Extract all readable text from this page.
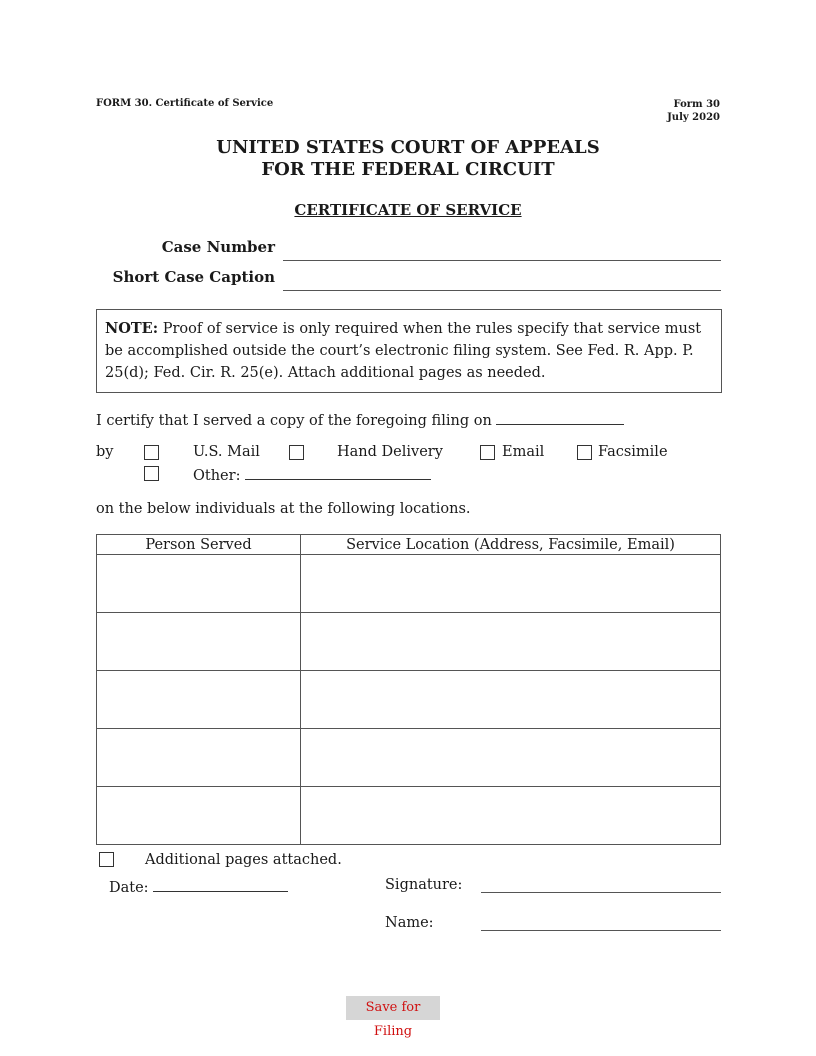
FORM 30. Certificate of Service	Form 30
July 2020
UNITED STATES COURT OF APPEALS
FOR THE FEDERAL CIRCUIT
CERTIFICATE OF SERVICE
Case Number
Short Case Caption
NOTE: Proof of service is only required when the rules specify that service must be accomplished outside the court’s electronic filing system. See Fed. R. App. P. 25(d); Fed. Cir. R. 25(e). Attach additional pages as needed.
I certify that I served a copy of the foregoing filing on
by	U.S. Mail	Hand Delivery	Email	Facsimile
Other:
on the below individuals at the following locations.
Person Served	Service Location (Address, Facsimile, Email)

Additional pages attached.
Date:	Signature:
Name:
Save for Filing
